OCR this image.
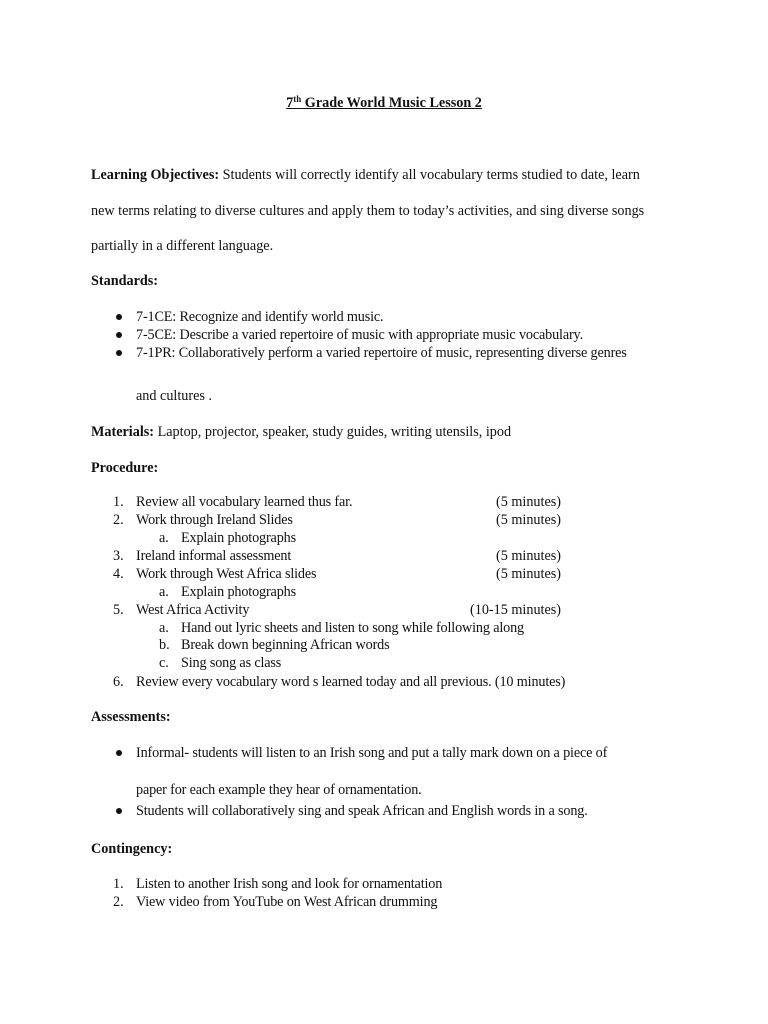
7th Grade World Music Lesson 2
Learning Objectives: Students will correctly identify all vocabulary terms studied to date, learn
new terms relating to diverse cultures and apply them to today’s activities, and sing diverse songs
partially in a different language.
Standards:
7-1CE: Recognize and identify world music.
7-5CE: Describe a varied repertoire of music with appropriate music vocabulary.
7-1PR: Collaboratively perform a varied repertoire of music, representing diverse genres
and cultures .
Materials: Laptop, projector, speaker, study guides, writing utensils, ipod
Procedure:
1. Review all vocabulary learned thus far.	(5 minutes)
2. Work through Ireland Slides	(5 minutes)
a. Explain photographs
3. Ireland informal assessment	(5 minutes)
4. Work through West Africa slides	(5 minutes)
a. Explain photographs
5. West Africa Activity	(10-15 minutes)
a. Hand out lyric sheets and listen to song while following along
b. Break down beginning African words
c. Sing song as class
6. Review every vocabulary word s learned today and all previous. (10 minutes)
Assessments:
Informal- students will listen to an Irish song and put a tally mark down on a piece of
paper for each example they hear of ornamentation.
Students will collaboratively sing and speak African and English words in a song.
Contingency:
1. Listen to another Irish song and look for ornamentation
2. View video from YouTube on West African drumming
